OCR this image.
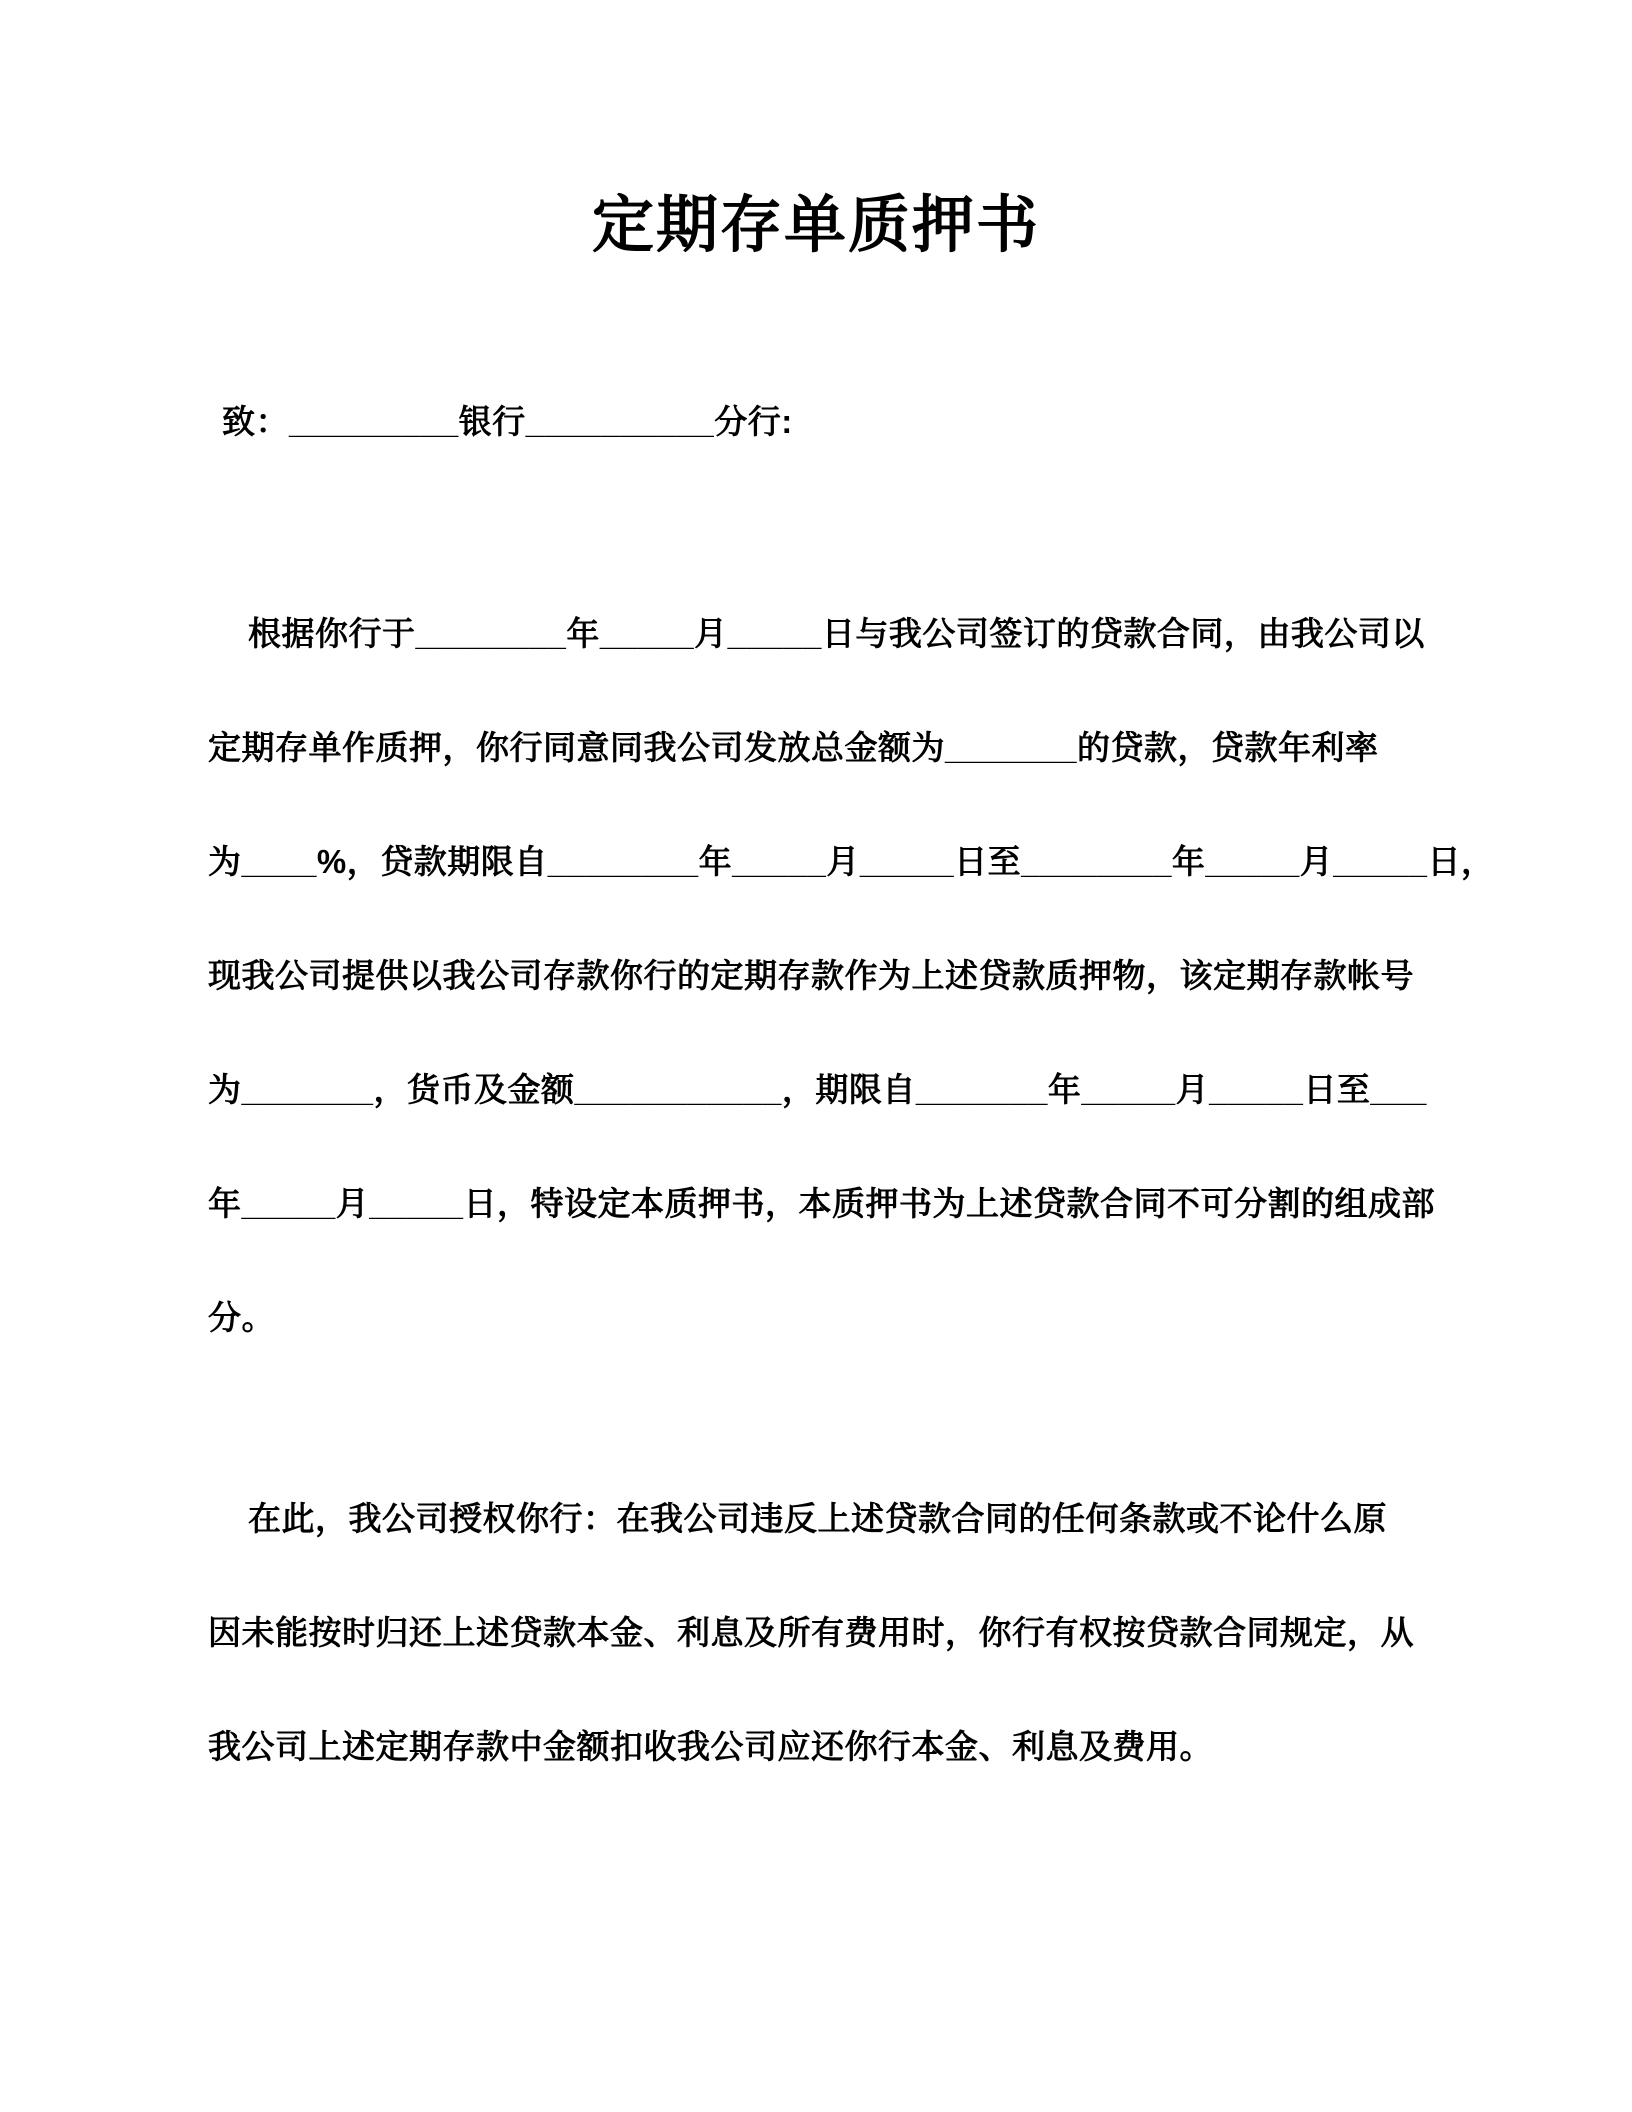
定期存单质押书
致：_________银行__________分行:
根据你行于________年_____月_____日与我公司签订的贷款合同，由我公司以
定期存单作质押，你行同意同我公司发放总金额为_______的贷款，贷款年利率
为____%，贷款期限自________年_____月_____日至________年_____月_____日，
现我公司提供以我公司存款你行的定期存款作为上述贷款质押物，该定期存款帐号
为_______，货币及金额___________，期限自_______年_____月_____日至___
年_____月_____日，特设定本质押书，本质押书为上述贷款合同不可分割的组成部
分。
在此，我公司授权你行：在我公司违反上述贷款合同的任何条款或不论什么原
因未能按时归还上述贷款本金、利息及所有费用时，你行有权按贷款合同规定，从
我公司上述定期存款中金额扣收我公司应还你行本金、利息及费用。
